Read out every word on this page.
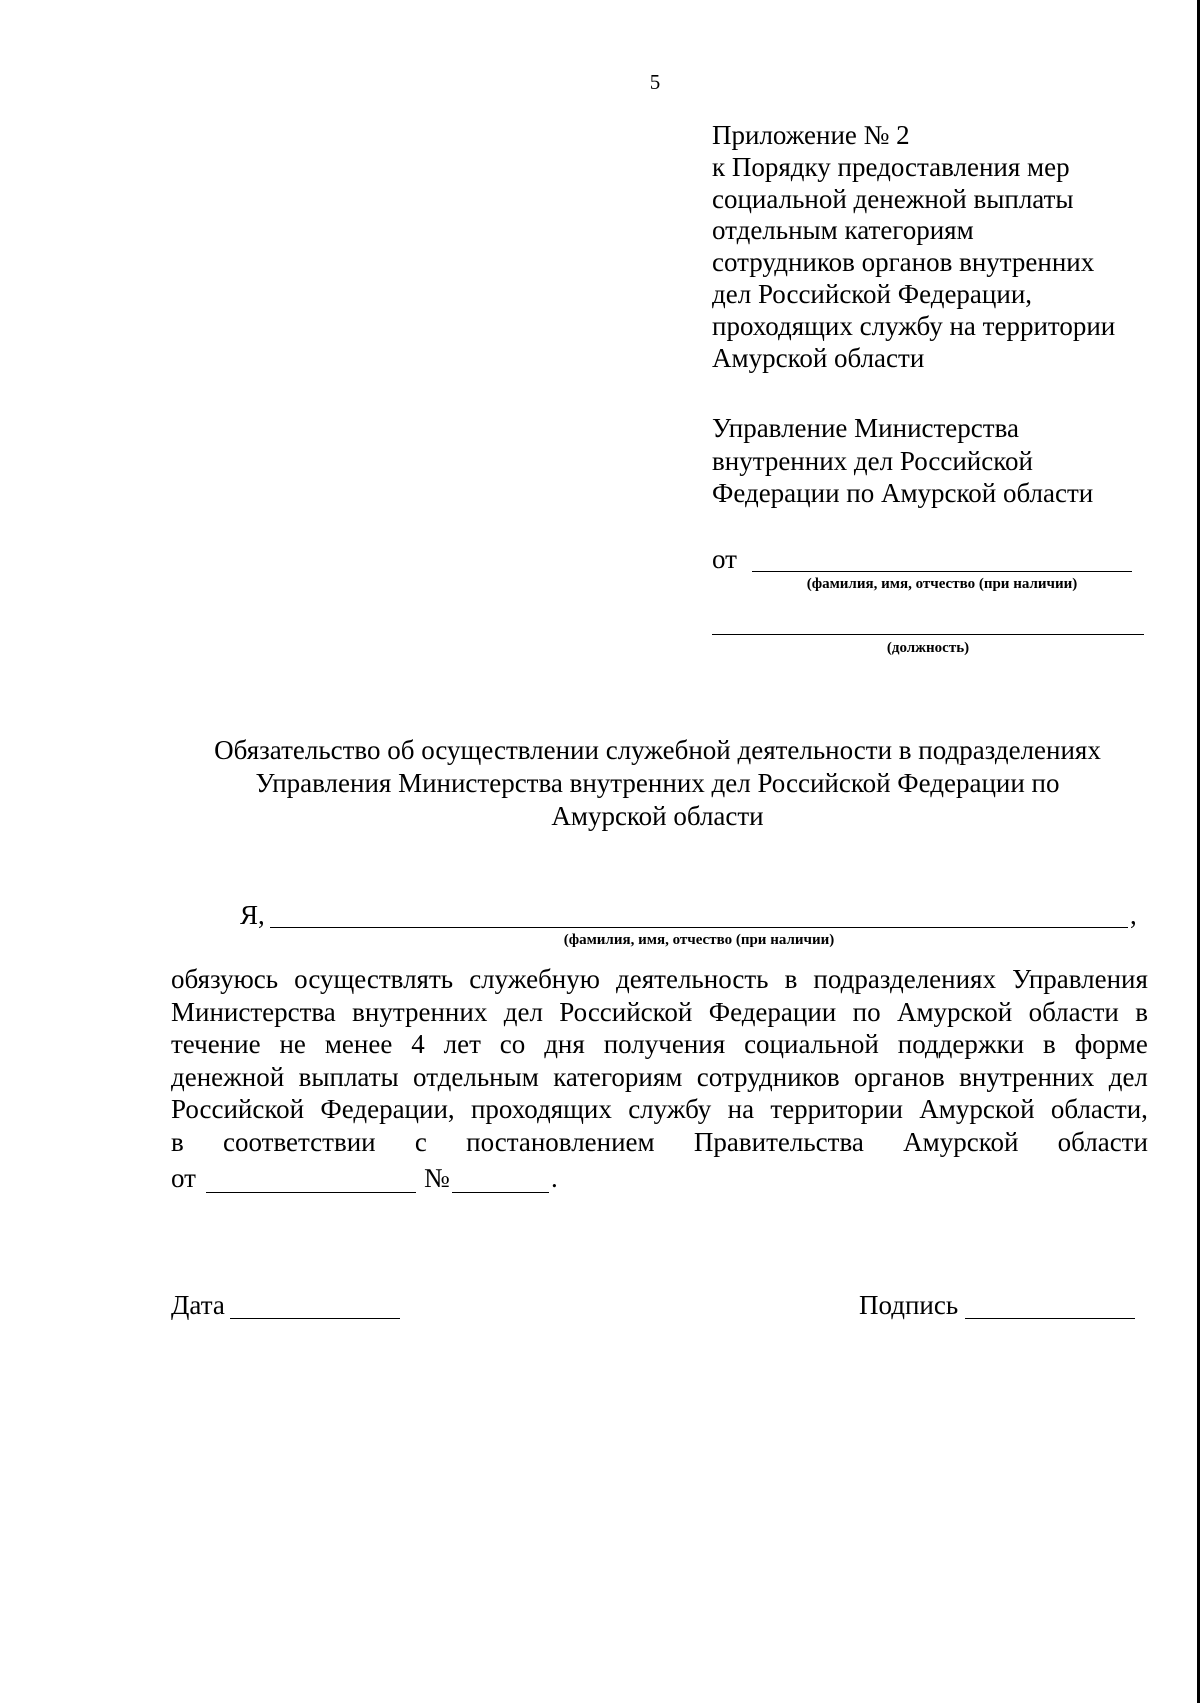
5
Приложение № 2
к Порядку предоставления мер
социальной денежной выплаты
отдельным категориям
сотрудников органов внутренних
дел Российской Федерации,
проходящих службу на территории
Амурской области
Управление Министерства
внутренних дел Российской
Федерации по Амурской области
от
(фамилия, имя, отчество (при наличии)
(должность)
Обязательство об осуществлении служебной деятельности в подразделениях
Управления Министерства внутренних дел Российской Федерации по
Амурской области
Я,	,
(фамилия, имя, отчество (при наличии)
обязуюсь осуществлять служебную деятельность в подразделениях Управления
Министерства внутренних дел Российской Федерации по Амурской области в
течение не менее 4 лет со дня получения социальной поддержки в форме
денежной выплаты отдельным категориям сотрудников органов внутренних дел
Российской Федерации, проходящих службу на территории Амурской области,
в соответствии с постановлением Правительства Амурской области
от	№	.
Дата	Подпись
